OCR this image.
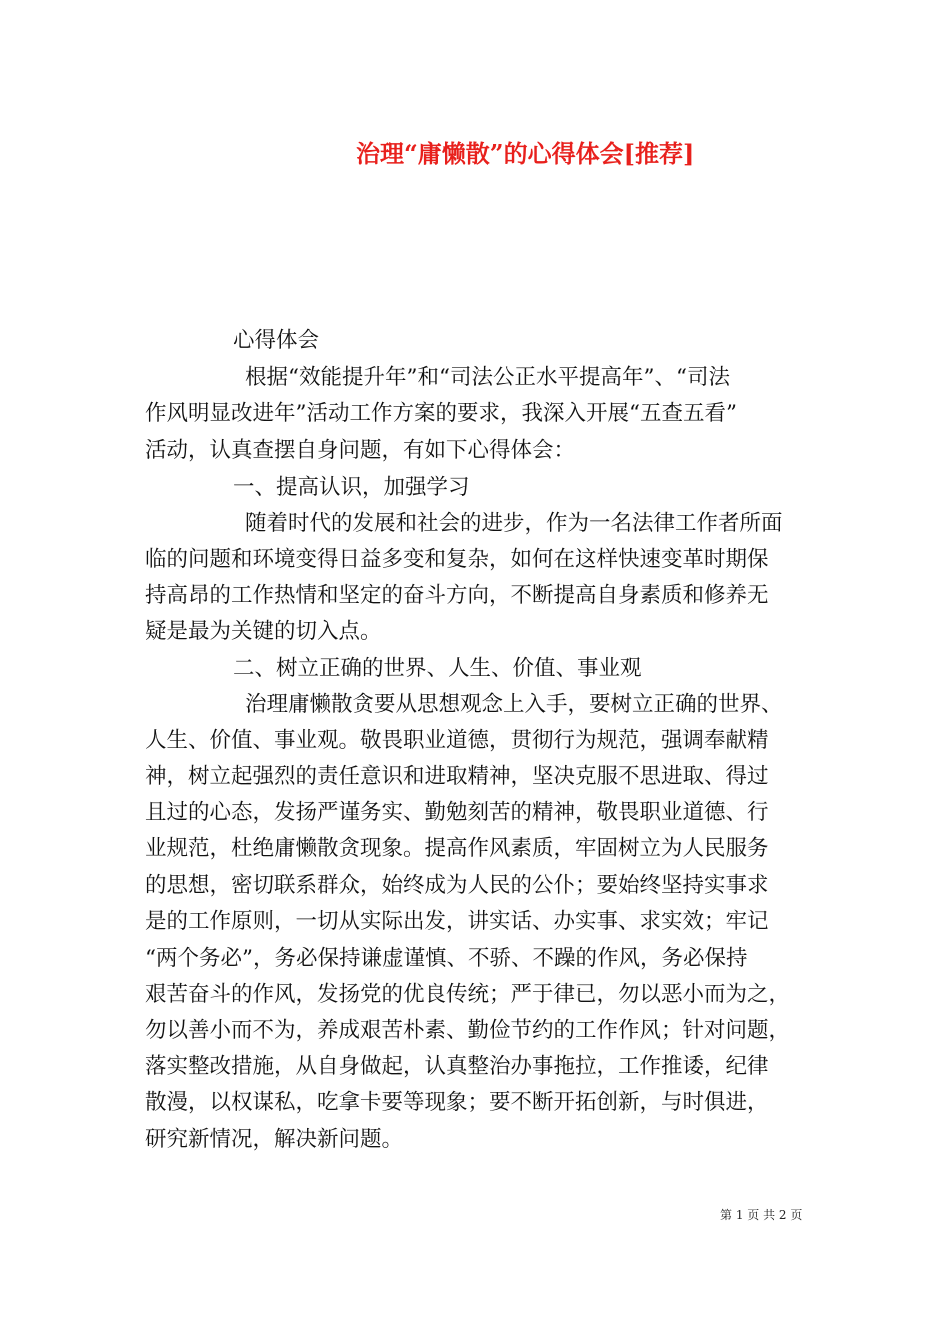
治理“庸懒散”的心得体会[推荐]
心得体会
根据“效能提升年”和“司法公正水平提高年”、“司法
作风明显改进年”活动工作方案的要求，我深入开展“五查五看”
活动，认真查摆自身问题，有如下心得体会：
一、提高认识，加强学习
随着时代的发展和社会的进步，作为一名法律工作者所面
临的问题和环境变得日益多变和复杂，如何在这样快速变革时期保
持高昂的工作热情和坚定的奋斗方向，不断提高自身素质和修养无
疑是最为关键的切入点。
二、树立正确的世界、人生、价值、事业观
治理庸懒散贪要从思想观念上入手，要树立正确的世界、
人生、价值、事业观。敬畏职业道德，贯彻行为规范，强调奉献精
神，树立起强烈的责任意识和进取精神，坚决克服不思进取、得过
且过的心态，发扬严谨务实、勤勉刻苦的精神，敬畏职业道德、行
业规范，杜绝庸懒散贪现象。提高作风素质，牢固树立为人民服务
的思想，密切联系群众，始终成为人民的公仆；要始终坚持实事求
是的工作原则，一切从实际出发，讲实话、办实事、求实效；牢记
“两个务必”，务必保持谦虚谨慎、不骄、不躁的作风，务必保持
艰苦奋斗的作风，发扬党的优良传统；严于律已，勿以恶小而为之，
勿以善小而不为，养成艰苦朴素、勤俭节约的工作作风；针对问题，
落实整改措施，从自身做起，认真整治办事拖拉，工作推诿，纪律
散漫，以权谋私，吃拿卡要等现象；要不断开拓创新，与时俱进，
研究新情况，解决新问题。
第 1 页 共 2 页
